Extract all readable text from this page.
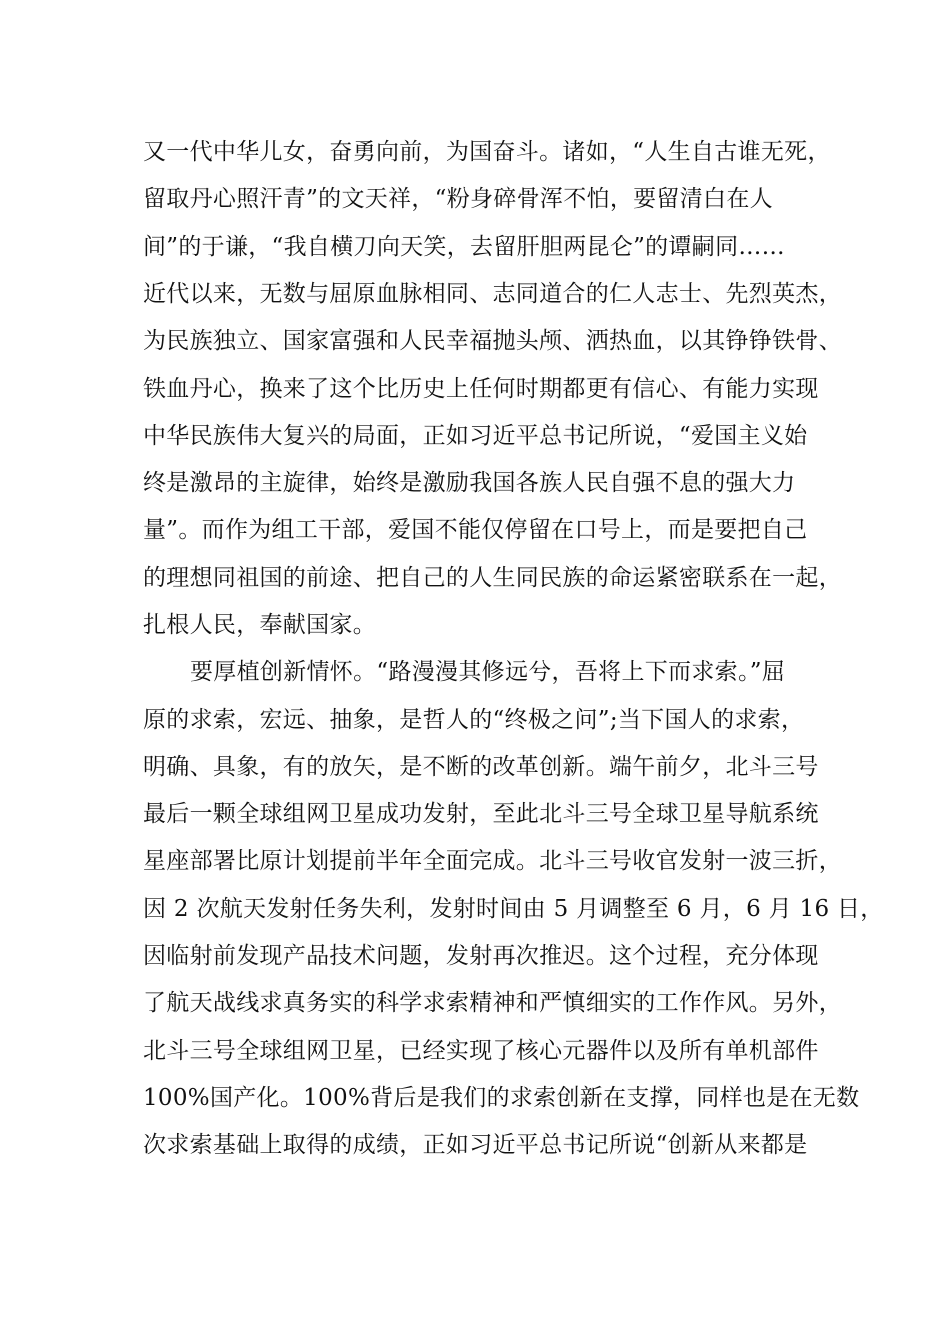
又一代中华儿女，奋勇向前，为国奋斗。诸如，“人生自古谁无死，
留取丹心照汗青”的文天祥，“粉身碎骨浑不怕，要留清白在人
间”的于谦，“我自横刀向天笑，去留肝胆两昆仑”的谭嗣同……
近代以来，无数与屈原血脉相同、志同道合的仁人志士、先烈英杰，
为民族独立、国家富强和人民幸福抛头颅、洒热血，以其铮铮铁骨、
铁血丹心，换来了这个比历史上任何时期都更有信心、有能力实现
中华民族伟大复兴的局面，正如习近平总书记所说，“爱国主义始
终是激昂的主旋律，始终是激励我国各族人民自强不息的强大力
量”。而作为组工干部，爱国不能仅停留在口号上，而是要把自己
的理想同祖国的前途、把自己的人生同民族的命运紧密联系在一起，
扎根人民，奉献国家。
要厚植创新情怀。“路漫漫其修远兮，吾将上下而求索。”屈
原的求索，宏远、抽象，是哲人的“终极之问”;当下国人的求索，
明确、具象，有的放矢，是不断的改革创新。端午前夕，北斗三号
最后一颗全球组网卫星成功发射，至此北斗三号全球卫星导航系统
星座部署比原计划提前半年全面完成。北斗三号收官发射一波三折，
因 2 次航天发射任务失利，发射时间由 5 月调整至 6 月，6 月 16 日，
因临射前发现产品技术问题，发射再次推迟。这个过程，充分体现
了航天战线求真务实的科学求索精神和严慎细实的工作作风。另外，
北斗三号全球组网卫星，已经实现了核心元器件以及所有单机部件
100%国产化。100%背后是我们的求索创新在支撑，同样也是在无数
次求索基础上取得的成绩，正如习近平总书记所说“创新从来都是
